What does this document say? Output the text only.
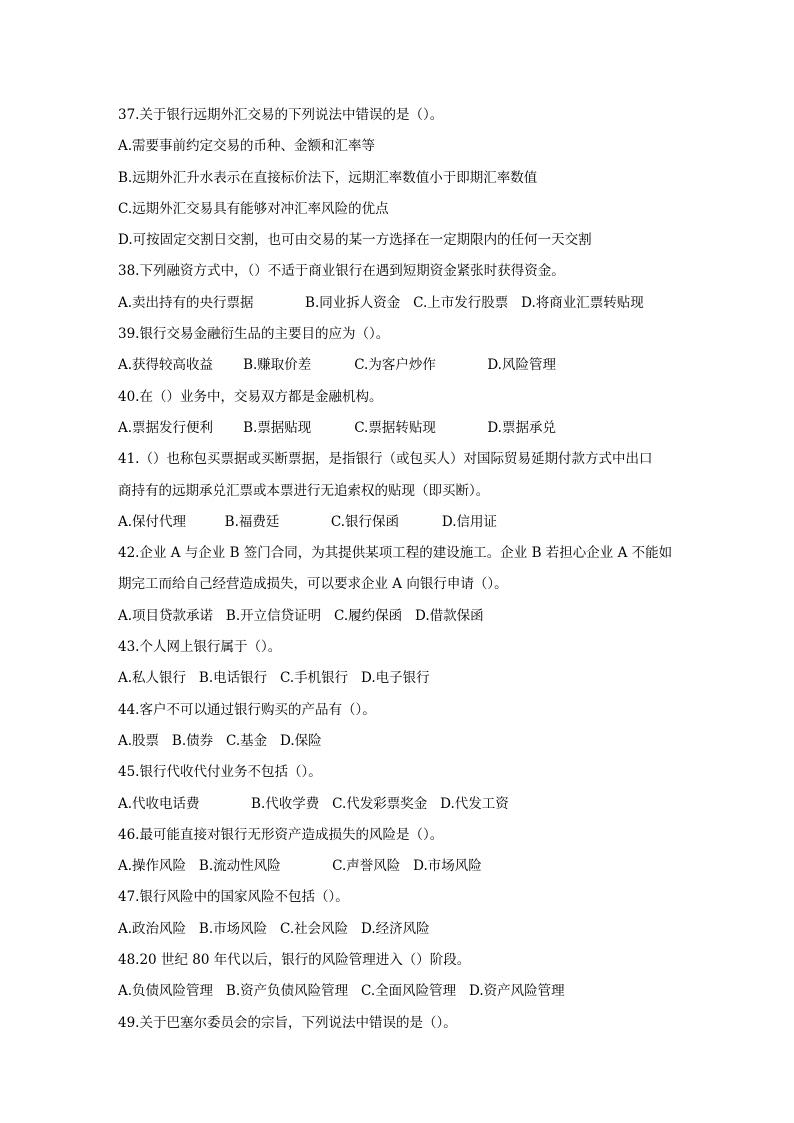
37.关于银行远期外汇交易的下列说法中错误的是（）。
A.需要事前约定交易的币种、金额和汇率等
B.远期外汇升水表示在直接标价法下，远期汇率数值小于即期汇率数值
C.远期外汇交易具有能够对冲汇率风险的优点
D.可按固定交割日交割，也可由交易的某一方选择在一定期限内的任何一天交割
38.下列融资方式中，（）不适于商业银行在遇到短期资金紧张时获得资金。
A.卖出持有的央行票据            B.同业拆人资金   C.上市发行股票   D.将商业汇票转贴现
39.银行交易金融衍生品的主要目的应为（）。
A.获得较高收益       B.赚取价差          C.为客户炒作            D.风险管理
40.在（）业务中，交易双方都是金融机构。
A.票据发行便利       B.票据贴现          C.票据转贴现            D.票据承兑
41.（）也称包买票据或买断票据，是指银行（或包买人）对国际贸易延期付款方式中出口
商持有的远期承兑汇票或本票进行无追索权的贴现（即买断）。
A.保付代理         B.福费廷            C.银行保函          D.信用证
42.企业 A 与企业 B 签门合同，为其提供某项工程的建设施工。企业 B 若担心企业 A 不能如
期完工而给自己经营造成损失，可以要求企业 A 向银行申请（）。
A.项目贷款承诺   B.开立信贷证明   C.履约保函   D.借款保函
43.个人网上银行属于（）。
A.私人银行   B.电话银行   C.手机银行   D.电子银行
44.客户不可以通过银行购买的产品有（）。
A.股票   B.债券   C.基金   D.保险
45.银行代收代付业务不包括（）。
A.代收电话费            B.代收学费   C.代发彩票奖金   D.代发工资
46.最可能直接对银行无形资产造成损失的风险是（）。
A.操作风险   B.流动性风险            C.声誉风险   D.市场风险
47.银行风险中的国家风险不包括（）。
A.政治风险   B.市场风险   C.社会风险   D.经济风险
48.20 世纪 80 年代以后，银行的风险管理进入（）阶段。
A.负债风险管理   B.资产负债风险管理   C.全面风险管理   D.资产风险管理
49.关于巴塞尔委员会的宗旨，下列说法中错误的是（）。
